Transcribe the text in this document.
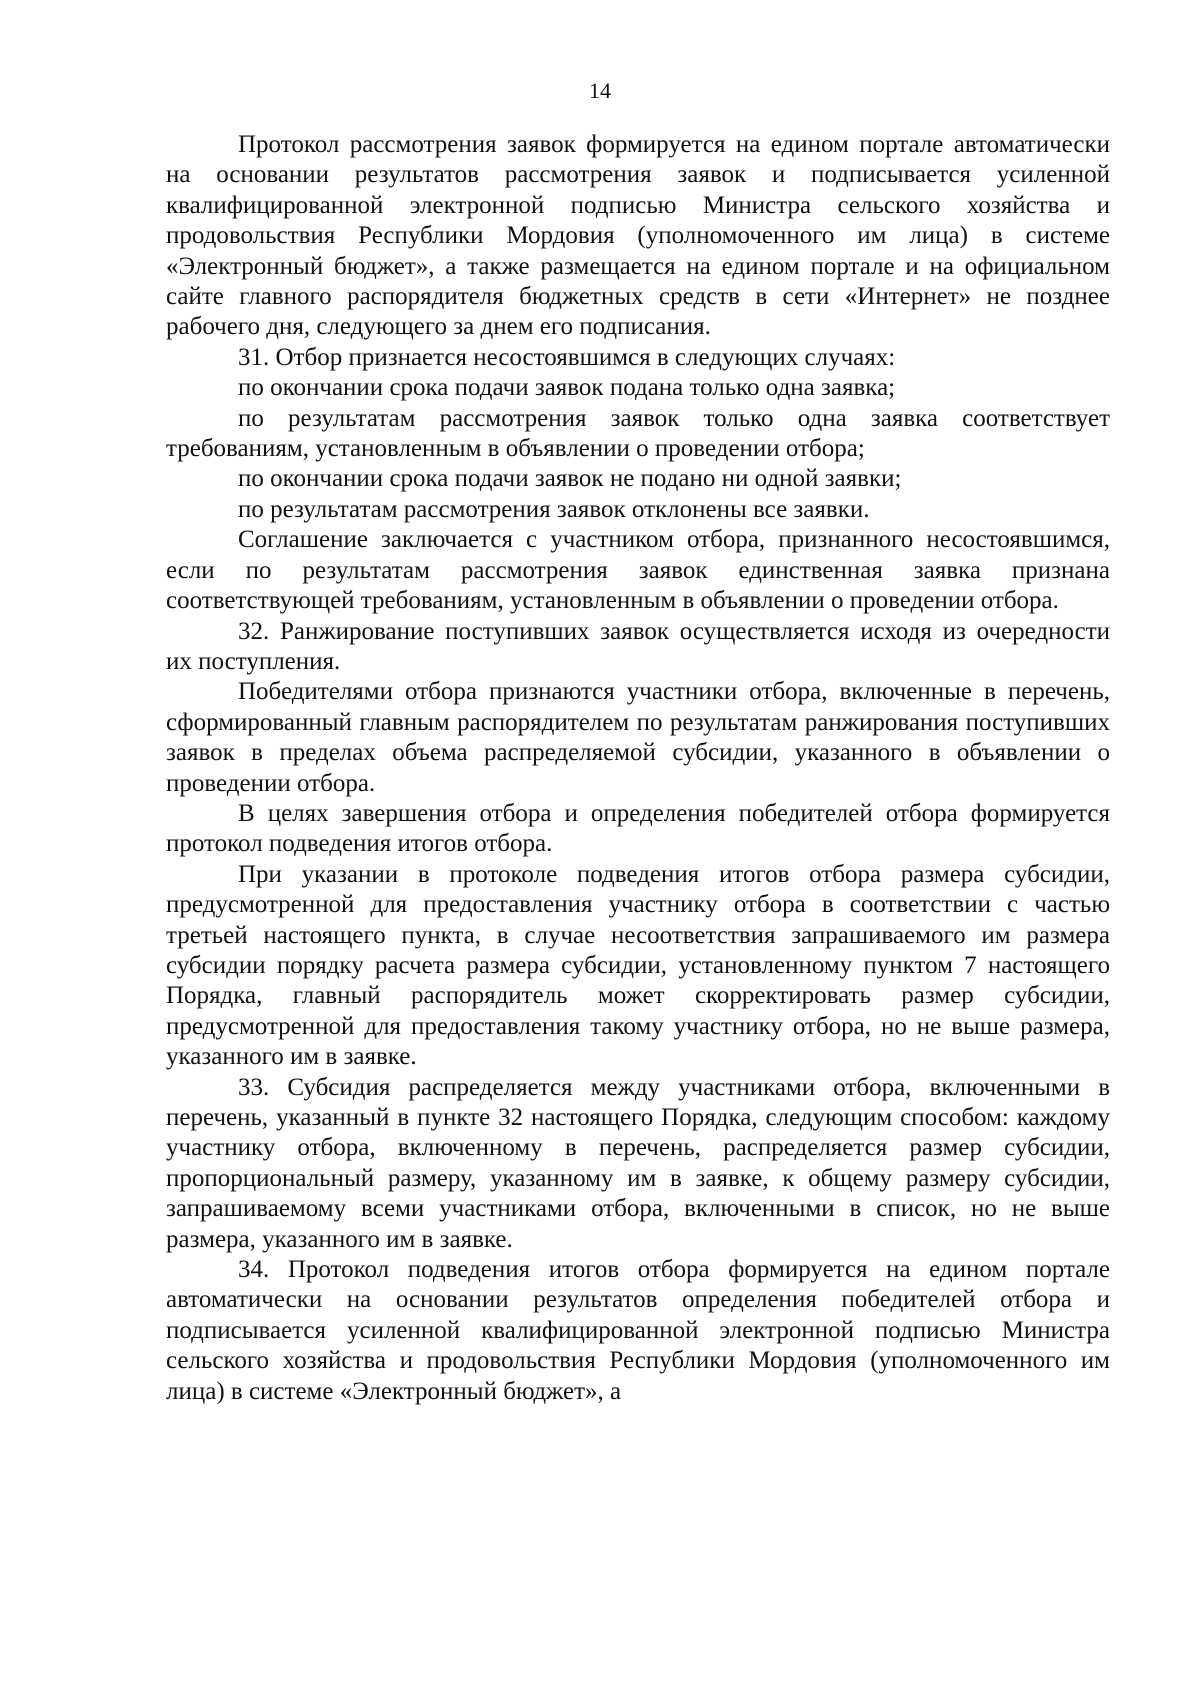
14

Протокол рассмотрения заявок формируется на едином портале автоматически на основании результатов рассмотрения заявок и подписывается усиленной квалифицированной электронной подписью Министра сельского хозяйства и продовольствия Республики Мордовия (уполномоченного им лица) в системе «Электронный бюджет», а также размещается на едином портале и на официальном сайте главного распорядителя бюджетных средств в сети «Интернет» не позднее рабочего дня, следующего за днем его подписания.

31. Отбор признается несостоявшимся в следующих случаях:

по окончании срока подачи заявок подана только одна заявка;

по результатам рассмотрения заявок только одна заявка соответствует требованиям, установленным в объявлении о проведении отбора;

по окончании срока подачи заявок не подано ни одной заявки;

по результатам рассмотрения заявок отклонены все заявки.

Соглашение заключается с участником отбора, признанного несостоявшимся, если по результатам рассмотрения заявок единственная заявка признана соответствующей требованиям, установленным в объявлении о проведении отбора.

32. Ранжирование поступивших заявок осуществляется исходя из очередности их поступления.

Победителями отбора признаются участники отбора, включенные в перечень, сформированный главным распорядителем по результатам ранжирования поступивших заявок в пределах объема распределяемой субсидии, указанного в объявлении о проведении отбора.

В целях завершения отбора и определения победителей отбора формируется протокол подведения итогов отбора.

При указании в протоколе подведения итогов отбора размера субсидии, предусмотренной для предоставления участнику отбора в соответствии с частью третьей настоящего пункта, в случае несоответствия запрашиваемого им размера субсидии порядку расчета размера субсидии, установленному пунктом 7 настоящего Порядка, главный распорядитель может скорректировать размер субсидии, предусмотренной для предоставления такому участнику отбора, но не выше размера, указанного им в заявке.

33. Субсидия распределяется между участниками отбора, включенными в перечень, указанный в пункте 32 настоящего Порядка, следующим способом: каждому участнику отбора, включенному в перечень, распределяется размер субсидии, пропорциональный размеру, указанному им в заявке, к общему размеру субсидии, запрашиваемому всеми участниками отбора, включенными в список, но не выше размера, указанного им в заявке.

34. Протокол подведения итогов отбора формируется на едином портале автоматически на основании результатов определения победителей отбора и подписывается усиленной квалифицированной электронной подписью Министра сельского хозяйства и продовольствия Республики Мордовия (уполномоченного им лица) в системе «Электронный бюджет», а
